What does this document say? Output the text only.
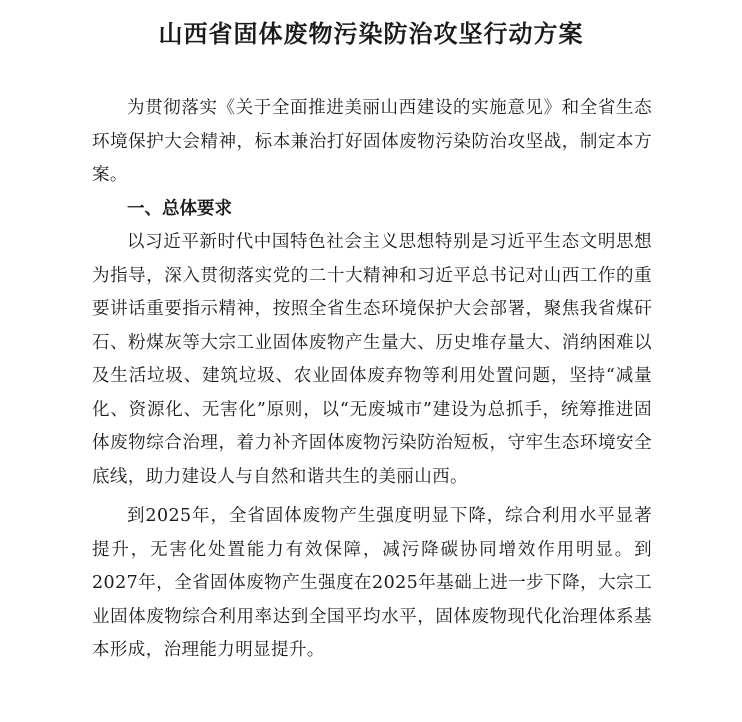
山西省固体废物污染防治攻坚行动方案

为贯彻落实《关于全面推进美丽山西建设的实施意见》和全省生态环境保护大会精神，标本兼治打好固体废物污染防治攻坚战，制定本方案。

一、总体要求

以习近平新时代中国特色社会主义思想特别是习近平生态文明思想为指导，深入贯彻落实党的二十大精神和习近平总书记对山西工作的重要讲话重要指示精神，按照全省生态环境保护大会部署，聚焦我省煤矸石、粉煤灰等大宗工业固体废物产生量大、历史堆存量大、消纳困难以及生活垃圾、建筑垃圾、农业固体废弃物等利用处置问题，坚持“减量化、资源化、无害化”原则，以“无废城市”建设为总抓手，统筹推进固体废物综合治理，着力补齐固体废物污染防治短板，守牢生态环境安全底线，助力建设人与自然和谐共生的美丽山西。

到2025年，全省固体废物产生强度明显下降，综合利用水平显著提升，无害化处置能力有效保障，减污降碳协同增效作用明显。到2027年，全省固体废物产生强度在2025年基础上进一步下降，大宗工业固体废物综合利用率达到全国平均水平，固体废物现代化治理体系基本形成，治理能力明显提升。
